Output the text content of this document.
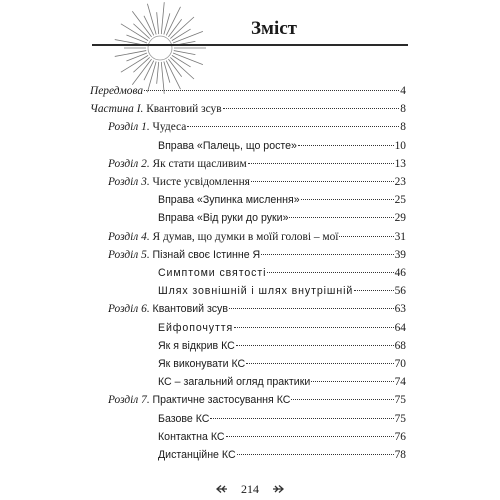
Зміст
Передмова	4
Частина І. Квантовий зсув	8
Розділ 1. Чудеса	8
Вправа «Палець, що росте»	10
Розділ 2. Як стати щасливим	13
Розділ 3. Чисте усвідомлення	23
Вправа «Зупинка мислення»	25
Вправа «Від руки до руки»	29
Розділ 4. Я думав, що думки в моїй голові – мої	31
Розділ 5. Пізнай своє Істинне Я	39
Симптоми святості	46
Шлях зовнішній і шлях внутрішній	56
Розділ 6. Квантовий зсув	63
Ейфопочуття	64
Як я відкрив КС	68
Як виконувати КС	70
КС – загальний огляд практики	74
Розділ 7. Практичне застосування КС	75
Базове КС	75
Контактна КС	76
Дистанційне КС	78
214
